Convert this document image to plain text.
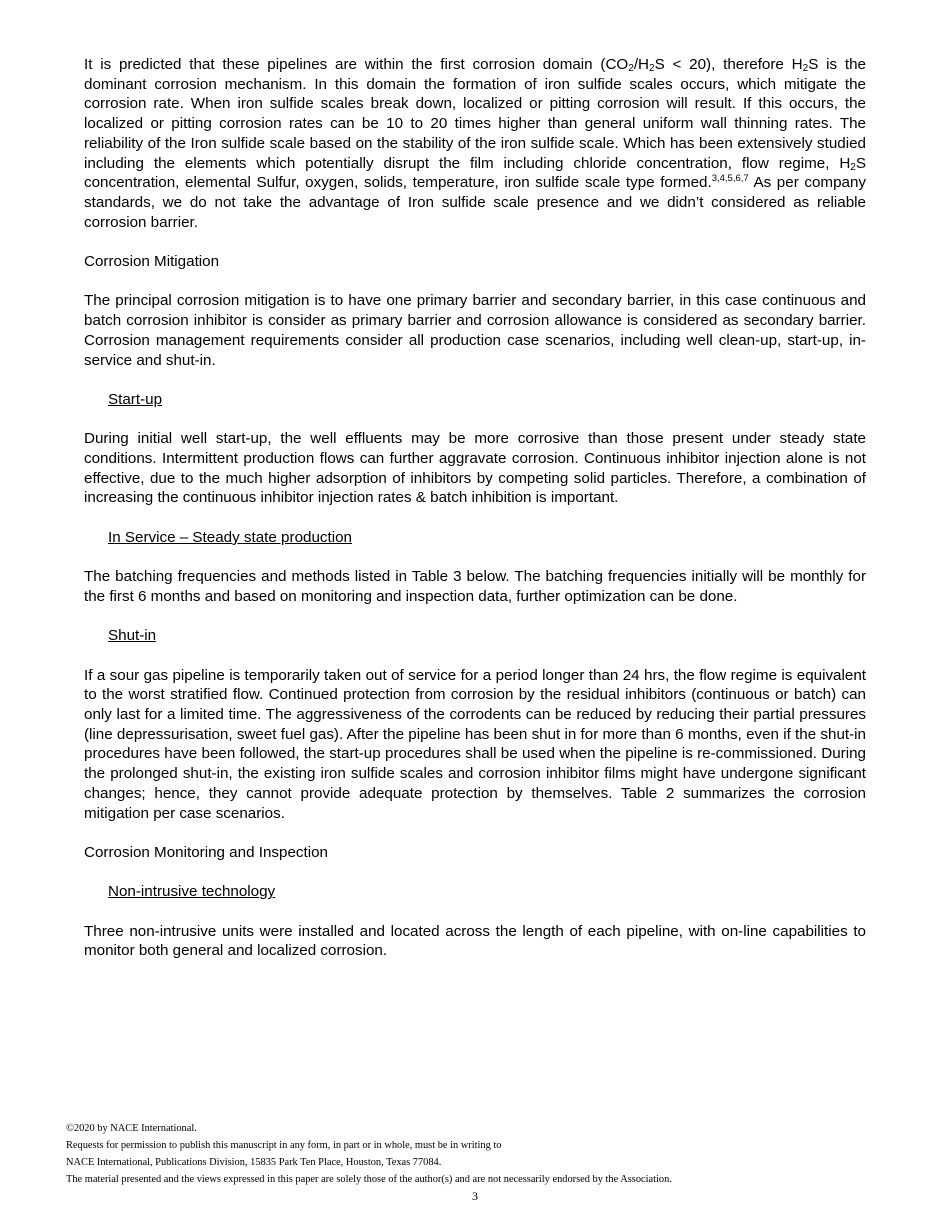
It is predicted that these pipelines are within the first corrosion domain $(CO_2/H_2S < 20)$, therefore $H_2S$ is the dominant corrosion mechanism. In this domain the formation of iron sulfide scales occurs, which mitigate the corrosion rate. When iron sulfide scales break down, localized or pitting corrosion will result. If this occurs, the localized or pitting corrosion rates can be 10 to 20 times higher than general uniform wall thinning rates. The reliability of the Iron sulfide scale based on the stability of the iron sulfide scale. Which has been extensively studied including the elements which potentially disrupt the film including chloride concentration, flow regime, $H_2S$ concentration, elemental Sulfur, oxygen, solids, temperature, iron sulfide scale type formed.$^{3,4,5,6,7}$ As per company standards, we do not take the advantage of Iron sulfide scale presence and we didn’t considered as reliable corrosion barrier.

Corrosion Mitigation

The principal corrosion mitigation is to have one primary barrier and secondary barrier, in this case continuous and batch corrosion inhibitor is consider as primary barrier and corrosion allowance is considered as secondary barrier. Corrosion management requirements consider all production case scenarios, including well clean-up, start-up, in-service and shut-in.

Start-up

During initial well start-up, the well effluents may be more corrosive than those present under steady state conditions. Intermittent production flows can further aggravate corrosion. Continuous inhibitor injection alone is not effective, due to the much higher adsorption of inhibitors by competing solid particles. Therefore, a combination of increasing the continuous inhibitor injection rates & batch inhibition is important.

In Service – Steady state production

The batching frequencies and methods listed in Table 3 below. The batching frequencies initially will be monthly for the first 6 months and based on monitoring and inspection data, further optimization can be done.

Shut-in

If a sour gas pipeline is temporarily taken out of service for a period longer than 24 hrs, the flow regime is equivalent to the worst stratified flow. Continued protection from corrosion by the residual inhibitors (continuous or batch) can only last for a limited time. The aggressiveness of the corrodents can be reduced by reducing their partial pressures (line depressurisation, sweet fuel gas). After the pipeline has been shut in for more than 6 months, even if the shut-in procedures have been followed, the start-up procedures shall be used when the pipeline is re-commissioned. During the prolonged shut-in, the existing iron sulfide scales and corrosion inhibitor films might have undergone significant changes; hence, they cannot provide adequate protection by themselves. Table 2 summarizes the corrosion mitigation per case scenarios.

Corrosion Monitoring and Inspection
Non-intrusive technology

Three non-intrusive units were installed and located across the length of each pipeline, with on-line capabilities to monitor both general and localized corrosion.

©2020 by NACE International.
Requests for permission to publish this manuscript in any form, in part or in whole, must be in writing to
NACE International, Publications Division, 15835 Park Ten Place, Houston, Texas 77084.
The material presented and the views expressed in this paper are solely those of the author(s) and are not necessarily endorsed by the Association.
3
